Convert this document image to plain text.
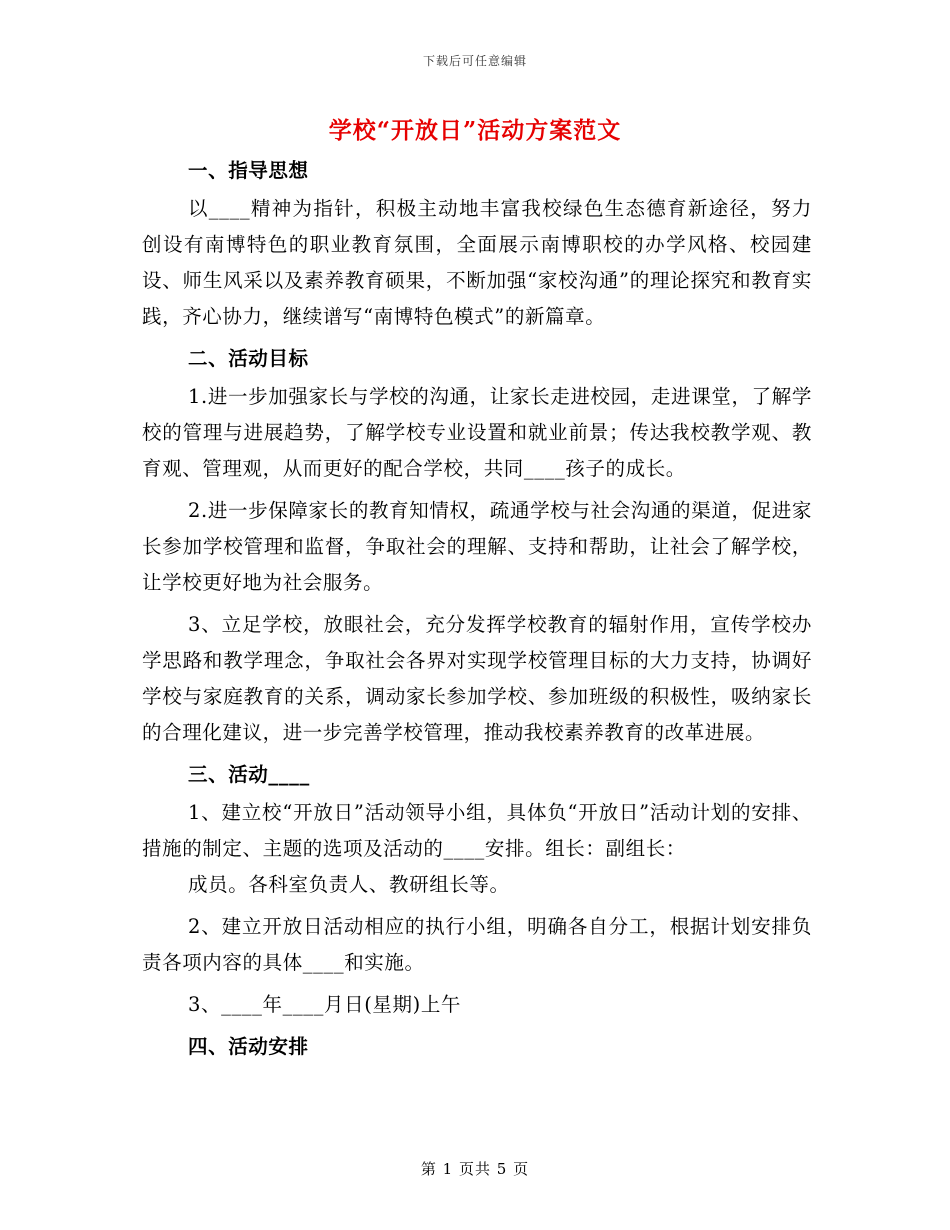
下载后可任意编辑
学校“开放日”活动方案范文

一、指导思想

以____精神为指针，积极主动地丰富我校绿色生态德育新途径，努力创设有南博特色的职业教育氛围，全面展示南博职校的办学风格、校园建设、师生风采以及素养教育硕果，不断加强“家校沟通”的理论探究和教育实践，齐心协力，继续谱写“南博特色模式”的新篇章。

二、活动目标

1.进一步加强家长与学校的沟通，让家长走进校园，走进课堂，了解学校的管理与进展趋势，了解学校专业设置和就业前景；传达我校教学观、教育观、管理观，从而更好的配合学校，共同____孩子的成长。

2.进一步保障家长的教育知情权，疏通学校与社会沟通的渠道，促进家长参加学校管理和监督，争取社会的理解、支持和帮助，让社会了解学校，让学校更好地为社会服务。

3、立足学校，放眼社会，充分发挥学校教育的辐射作用，宣传学校办学思路和教学理念，争取社会各界对实现学校管理目标的大力支持，协调好学校与家庭教育的关系，调动家长参加学校、参加班级的积极性，吸纳家长的合理化建议，进一步完善学校管理，推动我校素养教育的改革进展。

三、活动____

1、建立校“开放日”活动领导小组，具体负“开放日”活动计划的安排、措施的制定、主题的选项及活动的____安排。组长：副组长：

成员。各科室负责人、教研组长等。

2、建立开放日活动相应的执行小组，明确各自分工，根据计划安排负责各项内容的具体____和实施。

3、____年____月日(星期)上午

四、活动安排

第 1 页共 5 页
